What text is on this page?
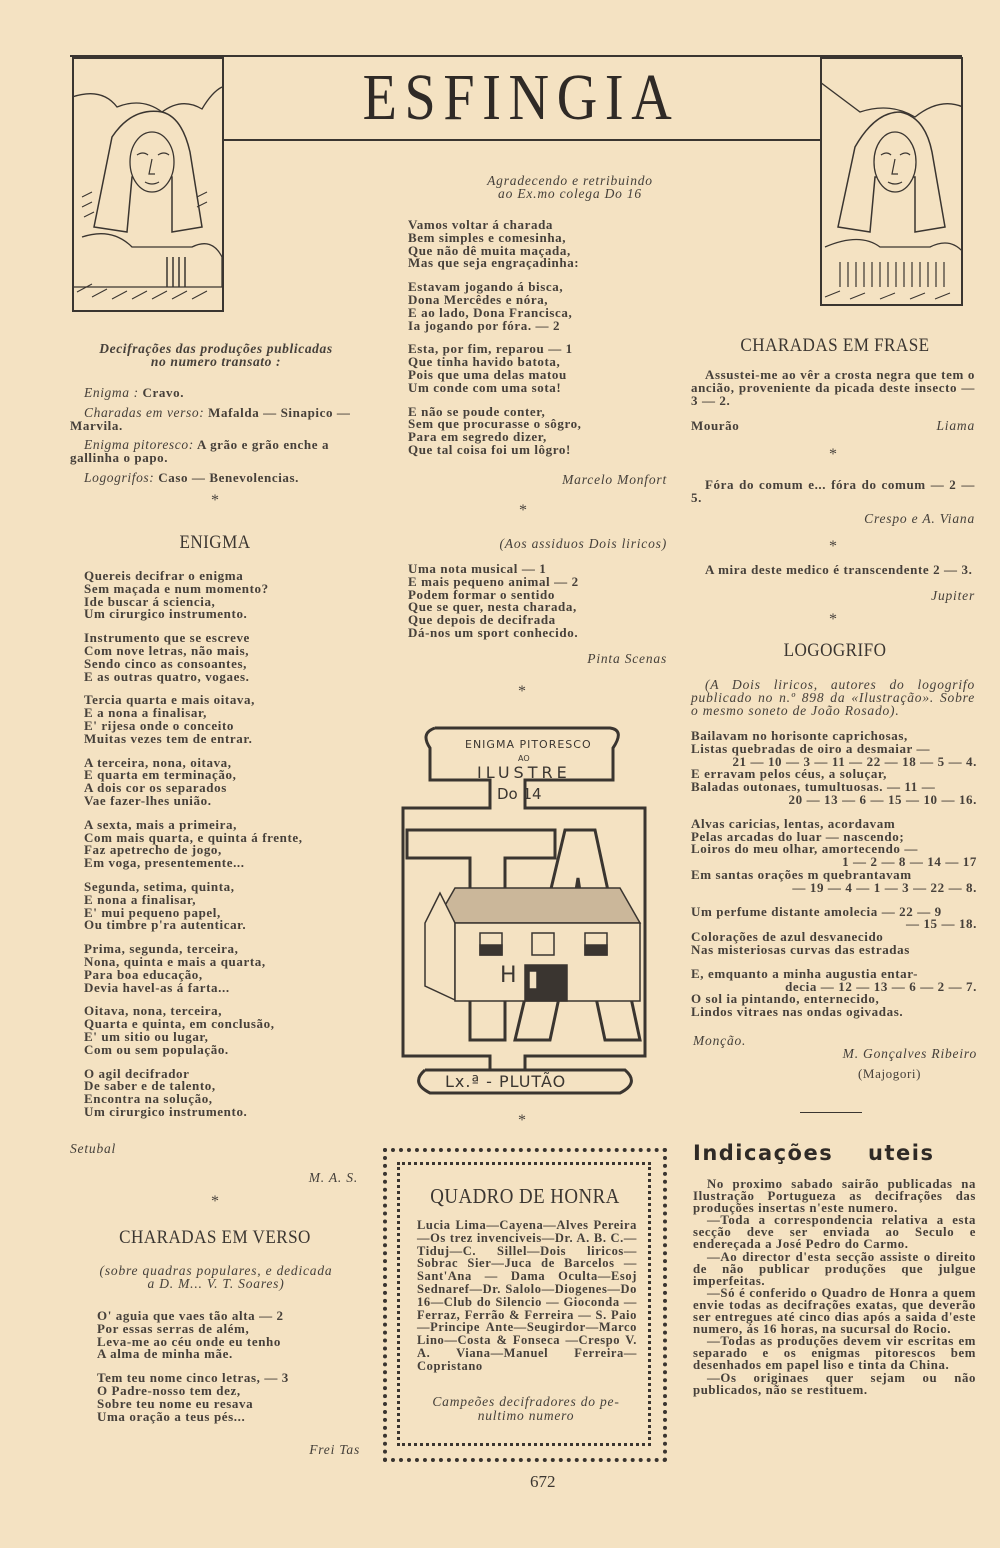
ESFINGIA
Decifrações das produções publicadas
no numero transato :
Enigma : Cravo.
Charadas em verso: Mafalda — Sinapico — Marvila.
Enigma pitoresco: A grão e grão enche a gallinha o papo.
Logogrifos: Caso — Benevolencias.
*
ENIGMA
Quereis decifrar o enigma
Sem maçada e num momento?
Ide buscar á sciencia,
Um cirurgico instrumento.
Instrumento que se escreve
Com nove letras, não mais,
Sendo cinco as consoantes,
E as outras quatro, vogaes.
Tercia quarta e mais oitava,
E a nona a finalisar,
E' rijesa onde o conceito
Muitas vezes tem de entrar.
A terceira, nona, oitava,
E quarta em terminação,
A dois cor os separados
Vae fazer-lhes união.
A sexta, mais a primeira,
Com mais quarta, e quinta á frente,
Faz apetrecho de jogo,
Em voga, presentemente...
Segunda, setima, quinta,
E nona a finalisar,
E' mui pequeno papel,
Ou timbre p'ra autenticar.
Prima, segunda, terceira,
Nona, quinta e mais a quarta,
Para boa educação,
Devia havel-as á farta...
Oitava, nona, terceira,
Quarta e quinta, em conclusão,
E' um sitio ou lugar,
Com ou sem população.
O agil decifrador
De saber e de talento,
Encontra na solução,
Um cirurgico instrumento.
Setubal
M. A. S.
*
CHARADAS EM VERSO
(sobre quadras populares, e dedicada
a D. M... V. T. Soares)
O' aguia que vaes tão alta — 2
Por essas serras de além,
Leva-me ao céu onde eu tenho
A alma de minha mãe.
Tem teu nome cinco letras, — 3
O Padre-nosso tem dez,
Sobre teu nome eu resava
Uma oração a teus pés...
Frei Tas
Agradecendo e retribuindo
ao Ex.mo colega Do 16
Vamos voltar á charada
Bem simples e comesinha,
Que não dê muita maçada,
Mas que seja engraçadinha:
Estavam jogando á bisca,
Dona Mercêdes e nóra,
E ao lado, Dona Francisca,
Ia jogando por fóra. — 2
Esta, por fim, reparou — 1
Que tinha havido batota,
Pois que uma delas matou
Um conde com uma sota!
E não se poude conter,
Sem que procurasse o sôgro,
Para em segredo dizer,
Que tal coisa foi um lôgro!
Marcelo Monfort
*
(Aos assiduos Dois liricos)
Uma nota musical — 1
E mais pequeno animal — 2
Podem formar o sentido
Que se quer, nesta charada,
Que depois de decifrada
Dá-nos um sport conhecido.
Pinta Scenas
*
ENIGMA PITORESCO
AO
ILUSTRE
Do 14
H
Lx.ª - PLUTÃO
*
QUADRO DE HONRA
Lucia Lima—Cayena—Alves Pereira—Os trez invenciveis—Dr. A. B. C.—Tiduj—C. Sillel—Dois liricos—Sobrac Sier—Juca de Barcelos — Sant'Ana — Dama Oculta—Esoj Sednaref—Dr. Salolo—Diogenes—Do 16—Club do Silencio — Gioconda — Ferraz, Ferrão & Ferreira — S. Paio —Principe Ante—Seugirdor—Marco Lino—Costa & Fonseca —Crespo V. A. Viana—Manuel Ferreira—Copristano
Campeões decifradores do pe-
nultimo numero
CHARADAS EM FRASE
Assustei-me ao vêr a crosta negra que tem o ancião, proveniente da picada deste insecto — 3 — 2.
Mourão	Liama
*
Fóra do comum e... fóra do comum — 2 — 5.
Crespo e A. Viana
*
A mira deste medico é transcendente 2 — 3.
Jupiter
*
LOGOGRIFO
(A Dois liricos, autores do logogrifo publicado no n.º 898 da «Ilustração». Sobre o mesmo soneto de João Rosado).
Bailavam no horisonte caprichosas,
Listas quebradas de oiro a desmaiar —
21 — 10 — 3 — 11 — 22 — 18 — 5 — 4.
E erravam pelos céus, a soluçar,
Baladas outonaes, tumultuosas. — 11 —
20 — 13 — 6 — 15 — 10 — 16.
Alvas caricias, lentas, acordavam
Pelas arcadas do luar — nascendo;
Loiros do meu olhar, amortecendo —
1 — 2 — 8 — 14 — 17
Em santas orações m quebrantavam
— 19 — 4 — 1 — 3 — 22 — 8.
Um perfume distante amolecia — 22 — 9
— 15 — 18.
Colorações de azul desvanecido
Nas misteriosas curvas das estradas
E, emquanto a minha augustia entar-
decia — 12 — 13 — 6 — 2 — 7.
O sol ia pintando, enternecido,
Lindos vitraes nas ondas ogivadas.
Monção.
M. Gonçalves Ribeiro
(Majogori)
Indicações uteis
No proximo sabado sairão publicadas na Ilustração Portugueza as decifrações das produções insertas n'este numero.
—Toda a correspondencia relativa a esta secção deve ser enviada ao Seculo e endereçada a José Pedro do Carmo.
—Ao director d'esta secção assiste o direito de não publicar produções que julgue imperfeitas.
—Só é conferido o Quadro de Honra a quem envie todas as decifrações exatas, que deverão ser entregues até cinco dias após a saida d'este numero, ás 16 horas, na sucursal do Rocio.
—Todas as produções devem vir escritas em separado e os enigmas pitorescos bem desenhados em papel liso e tinta da China.
—Os originaes quer sejam ou não publicados, não se restituem.
672
